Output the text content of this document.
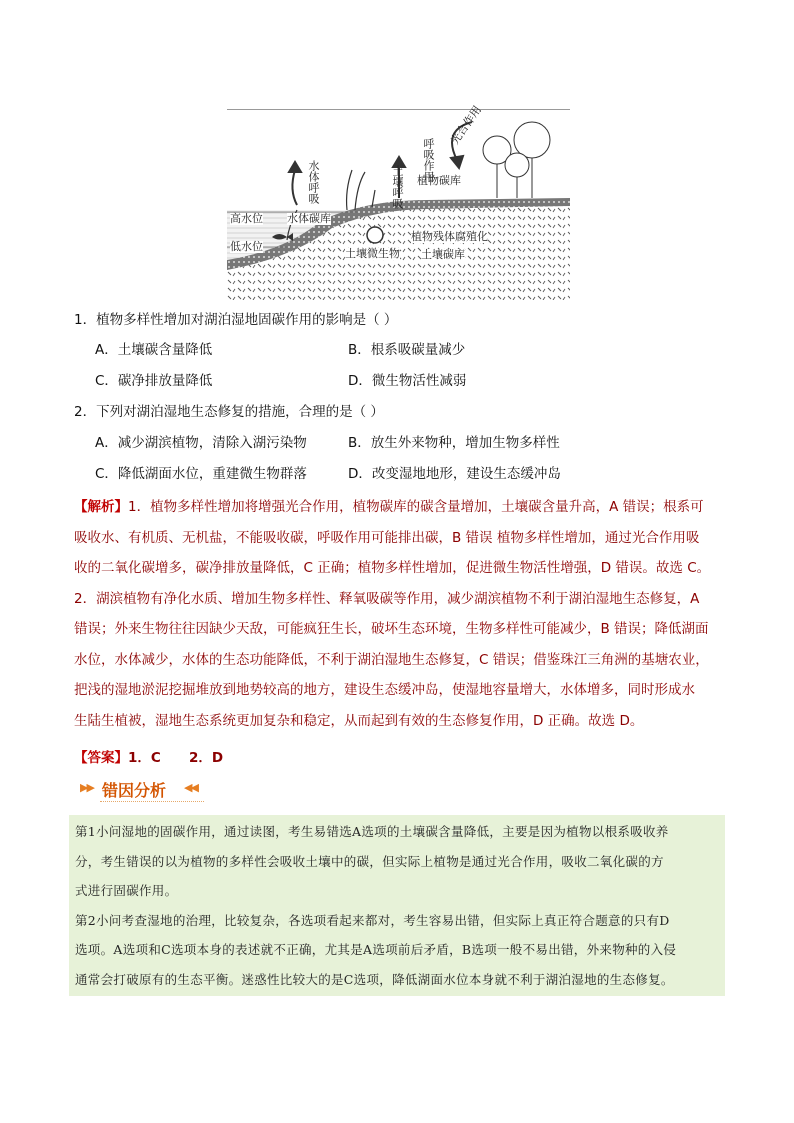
水体呼吸	土壤呼吸
呼吸作用
光合作用
植物碳库
高水位 水体碳库
低水位
植物残体腐殖化
土壤微生物 土壤碳库
1．植物多样性增加对湖泊湿地固碳作用的影响是（ ）
A．土壤碳含量降低	B．根系吸碳量减少
C．碳净排放量降低	D．微生物活性减弱
2．下列对湖泊湿地生态修复的措施，合理的是（ ）
A．减少湖滨植物，清除入湖污染物	B．放生外来物种，增加生物多样性
C．降低湖面水位，重建微生物群落	D．改变湿地地形，建设生态缓冲岛
【解析】1．植物多样性增加将增强光合作用，植物碳库的碳含量增加，土壤碳含量升高，A 错误；根系可
吸收水、有机质、无机盐，不能吸收碳，呼吸作用可能排出碳，B 错误 植物多样性增加，通过光合作用吸
收的二氧化碳增多，碳净排放量降低，C 正确；植物多样性增加，促进微生物活性增强，D 错误。故选 C。
2．湖滨植物有净化水质、增加生物多样性、释氧吸碳等作用，减少湖滨植物不利于湖泊湿地生态修复，A
错误；外来生物往往因缺少天敌，可能疯狂生长，破坏生态环境，生物多样性可能减少，B 错误；降低湖面
水位，水体减少，水体的生态功能降低，不利于湖泊湿地生态修复，C 错误；借鉴珠江三角洲的基塘农业，
把浅的湿地淤泥挖掘堆放到地势较高的地方，建设生态缓冲岛，使湿地容量增大，水体增多，同时形成水
生陆生植被，湿地生态系统更加复杂和稳定，从而起到有效的生态修复作用，D 正确。故选 D。
【答案】1．C      2．D
▶▶ 错因分析 ◀◀

第1小问湿地的固碳作用，通过读图，考生易错选A选项的土壤碳含量降低，主要是因为植物以根系吸收养

分，考生错误的以为植物的多样性会吸收土壤中的碳，但实际上植物是通过光合作用，吸收二氧化碳的方

式进行固碳作用。

第2小问考查湿地的治理，比较复杂，各选项看起来都对，考生容易出错，但实际上真正符合题意的只有D

选项。A选项和C选项本身的表述就不正确，尤其是A选项前后矛盾，B选项一般不易出错，外来物种的入侵

通常会打破原有的生态平衡。迷惑性比较大的是C选项，降低湖面水位本身就不利于湖泊湿地的生态修复。
